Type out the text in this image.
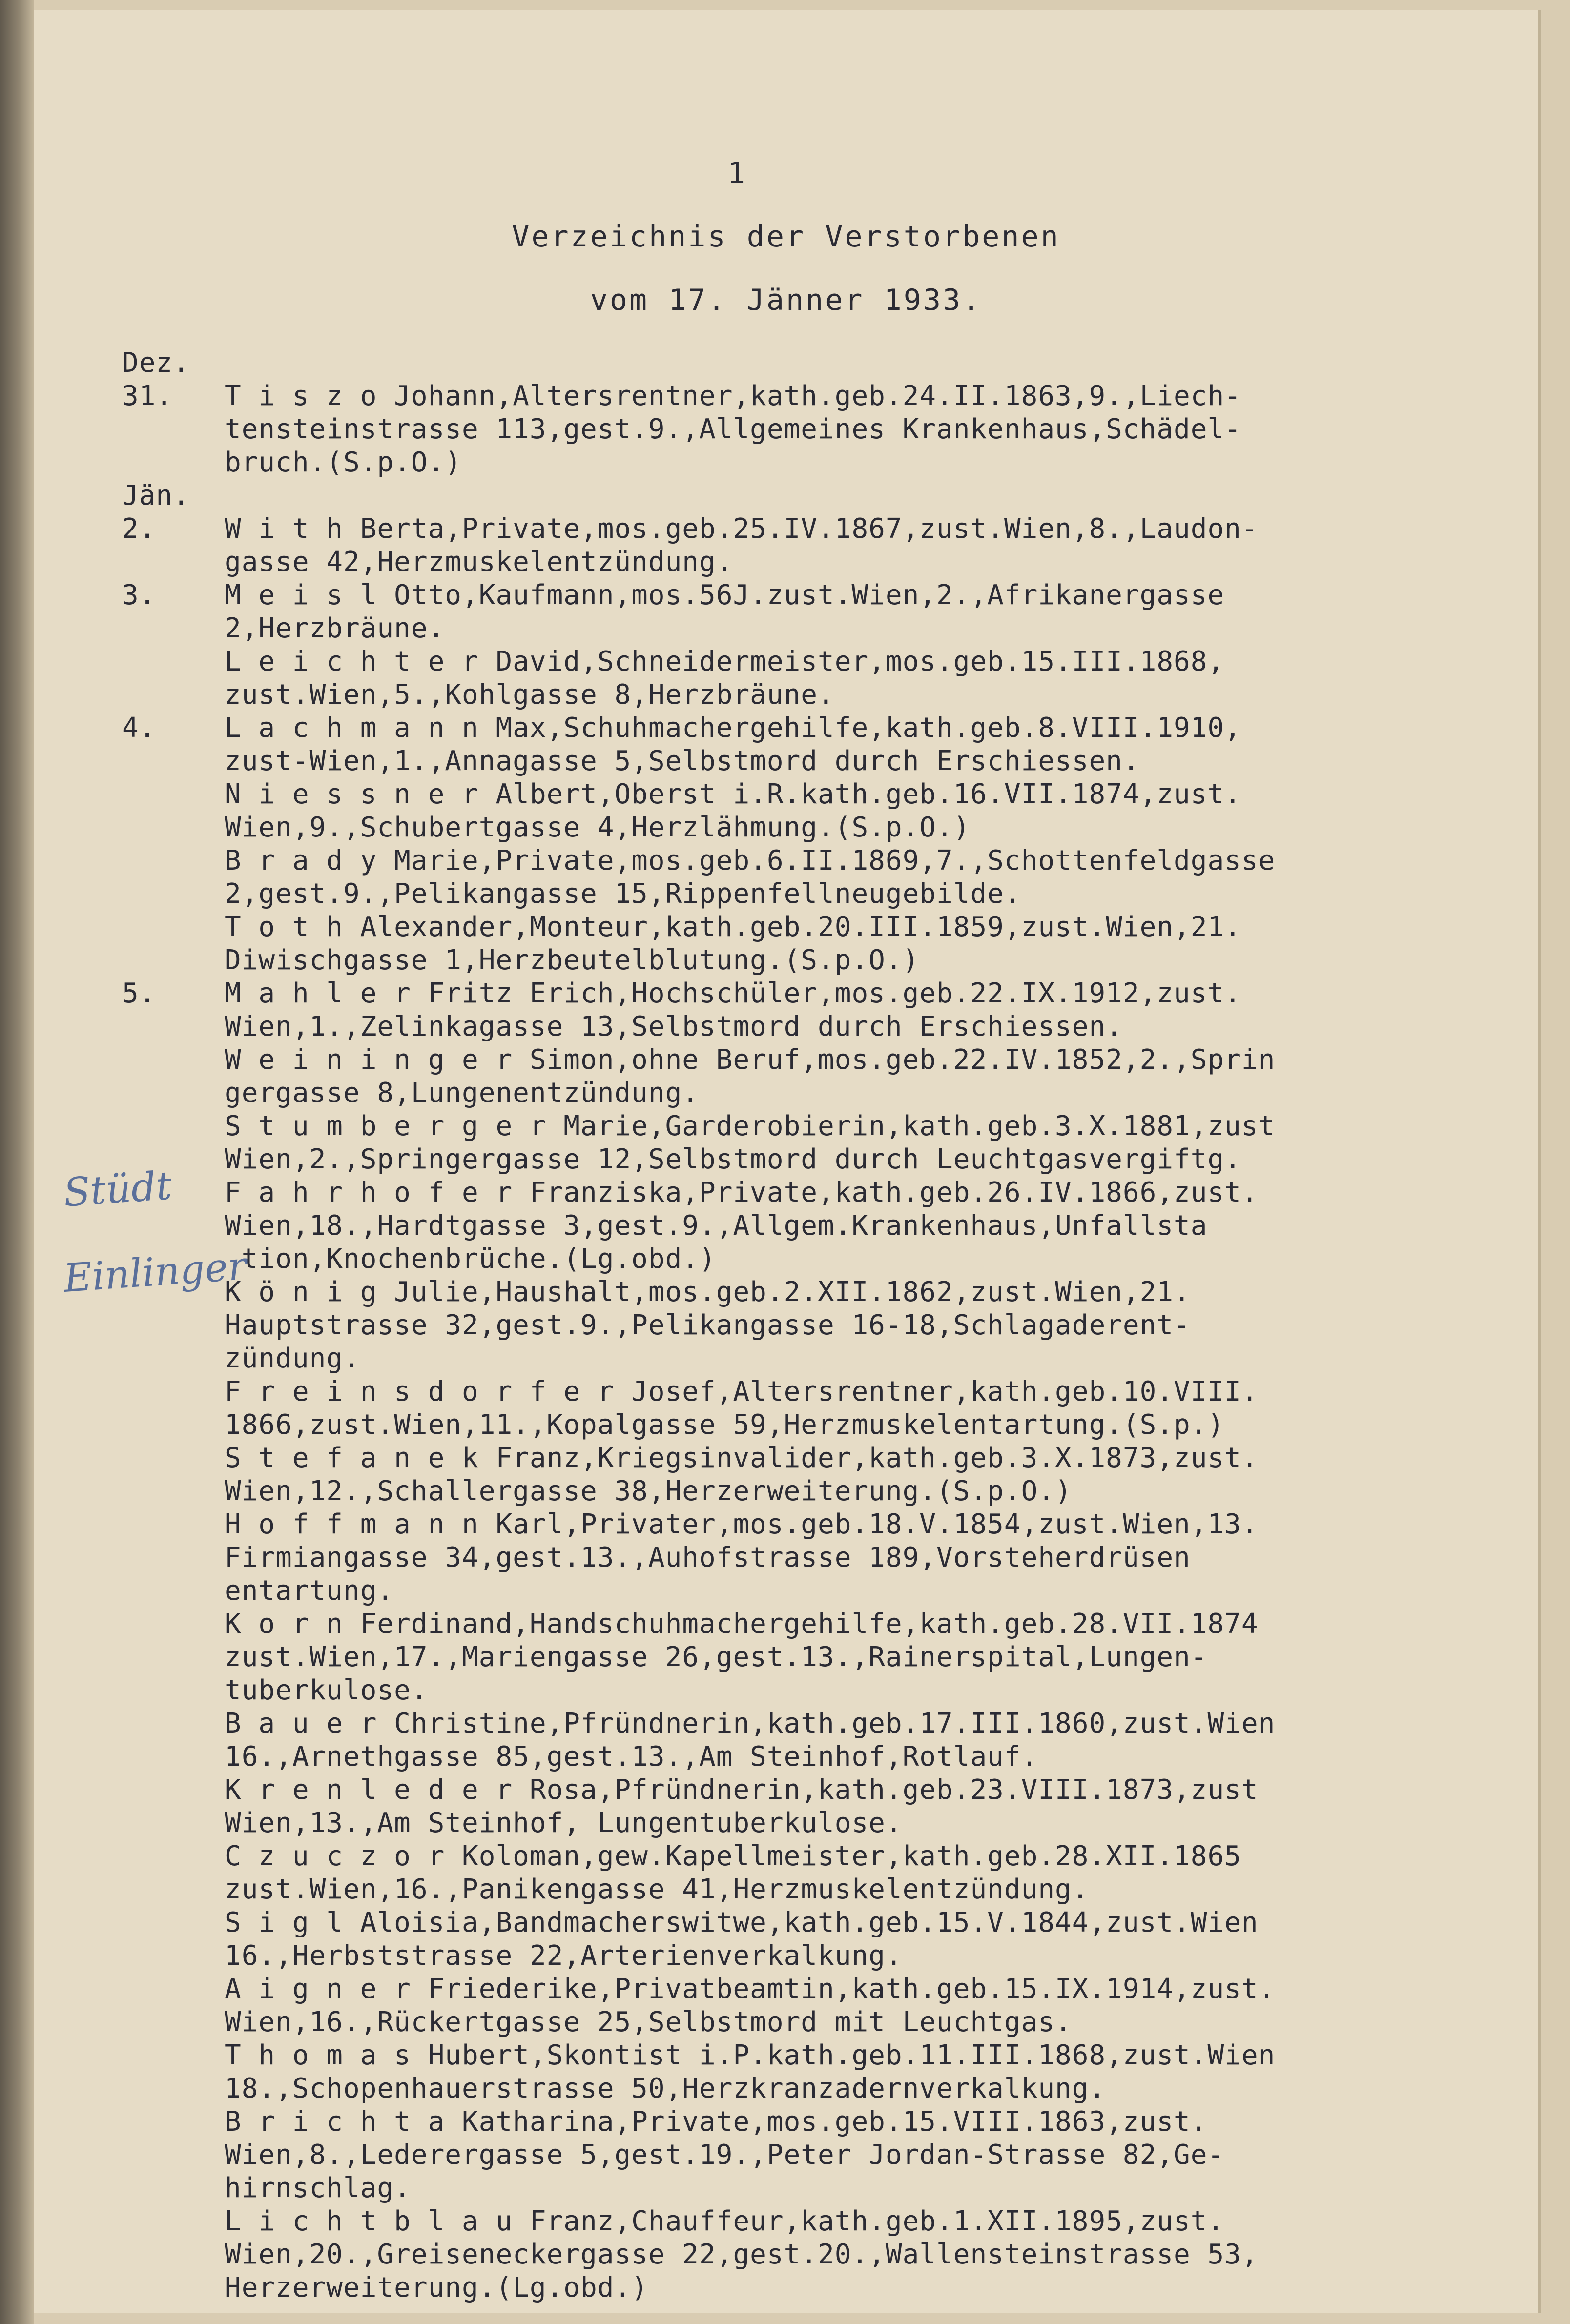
1
Verzeichnis der Verstorbenen
vom 17. Jänner 1933.
Stüdt
Einlinger
Dez.
31.	T i s z o Johann,Altersrentner,kath.geb.24.II.1863,9.,Liech-
tensteinstrasse 113,gest.9.,Allgemeines Krankenhaus,Schädel-
bruch.(S.p.O.)
Jän.
2.	W i t h Berta,Private,mos.geb.25.IV.1867,zust.Wien,8.,Laudon-
gasse 42,Herzmuskelentzündung.
3.	M e i s l Otto,Kaufmann,mos.56J.zust.Wien,2.,Afrikanergasse
2,Herzbräune.
L e i c h t e r David,Schneidermeister,mos.geb.15.III.1868,
zust.Wien,5.,Kohlgasse 8,Herzbräune.
4.	L a c h m a n n Max,Schuhmachergehilfe,kath.geb.8.VIII.1910,
zust-Wien,1.,Annagasse 5,Selbstmord durch Erschiessen.
N i e s s n e r Albert,Oberst i.R.kath.geb.16.VII.1874,zust.
Wien,9.,Schubertgasse 4,Herzlähmung.(S.p.O.)
B r a d y Marie,Private,mos.geb.6.II.1869,7.,Schottenfeldgasse
2,gest.9.,Pelikangasse 15,Rippenfellneugebilde.
T o t h Alexander,Monteur,kath.geb.20.III.1859,zust.Wien,21.
Diwischgasse 1,Herzbeutelblutung.(S.p.O.)
5.	M a h l e r Fritz Erich,Hochschüler,mos.geb.22.IX.1912,zust.
Wien,1.,Zelinkagasse 13,Selbstmord durch Erschiessen.
W e i n i n g e r Simon,ohne Beruf,mos.geb.22.IV.1852,2.,Sprin
gergasse 8,Lungenentzündung.
S t u m b e r g e r Marie,Garderobierin,kath.geb.3.X.1881,zust
Wien,2.,Springergasse 12,Selbstmord durch Leuchtgasvergiftg.
F a h r h o f e r Franziska,Private,kath.geb.26.IV.1866,zust.
Wien,18.,Hardtgasse 3,gest.9.,Allgem.Krankenhaus,Unfallsta
tion,Knochenbrüche.(Lg.obd.)
K ö n i g Julie,Haushalt,mos.geb.2.XII.1862,zust.Wien,21.
Hauptstrasse 32,gest.9.,Pelikangasse 16-18,Schlagaderent-
zündung.
F r e i n s d o r f e r Josef,Altersrentner,kath.geb.10.VIII.
1866,zust.Wien,11.,Kopalgasse 59,Herzmuskelentartung.(S.p.)
S t e f a n e k Franz,Kriegsinvalider,kath.geb.3.X.1873,zust.
Wien,12.,Schallergasse 38,Herzerweiterung.(S.p.O.)
H o f f m a n n Karl,Privater,mos.geb.18.V.1854,zust.Wien,13.
Firmiangasse 34,gest.13.,Auhofstrasse 189,Vorsteherdrüsen
entartung.
K o r n Ferdinand,Handschuhmachergehilfe,kath.geb.28.VII.1874
zust.Wien,17.,Mariengasse 26,gest.13.,Rainerspital,Lungen-
tuberkulose.
B a u e r Christine,Pfründnerin,kath.geb.17.III.1860,zust.Wien
16.,Arnethgasse 85,gest.13.,Am Steinhof,Rotlauf.
K r e n l e d e r Rosa,Pfründnerin,kath.geb.23.VIII.1873,zust
Wien,13.,Am Steinhof, Lungentuberkulose.
C z u c z o r Koloman,gew.Kapellmeister,kath.geb.28.XII.1865
zust.Wien,16.,Panikengasse 41,Herzmuskelentzündung.
S i g l Aloisia,Bandmacherswitwe,kath.geb.15.V.1844,zust.Wien
16.,Herbststrasse 22,Arterienverkalkung.
A i g n e r Friederike,Privatbeamtin,kath.geb.15.IX.1914,zust.
Wien,16.,Rückertgasse 25,Selbstmord mit Leuchtgas.
T h o m a s Hubert,Skontist i.P.kath.geb.11.III.1868,zust.Wien
18.,Schopenhauerstrasse 50,Herzkranzadernverkalkung.
B r i c h t a Katharina,Private,mos.geb.15.VIII.1863,zust.
Wien,8.,Lederergasse 5,gest.19.,Peter Jordan-Strasse 82,Ge-
hirnschlag.
L i c h t b l a u Franz,Chauffeur,kath.geb.1.XII.1895,zust.
Wien,20.,Greiseneckergasse 22,gest.20.,Wallensteinstrasse 53,
Herzerweiterung.(Lg.obd.)
